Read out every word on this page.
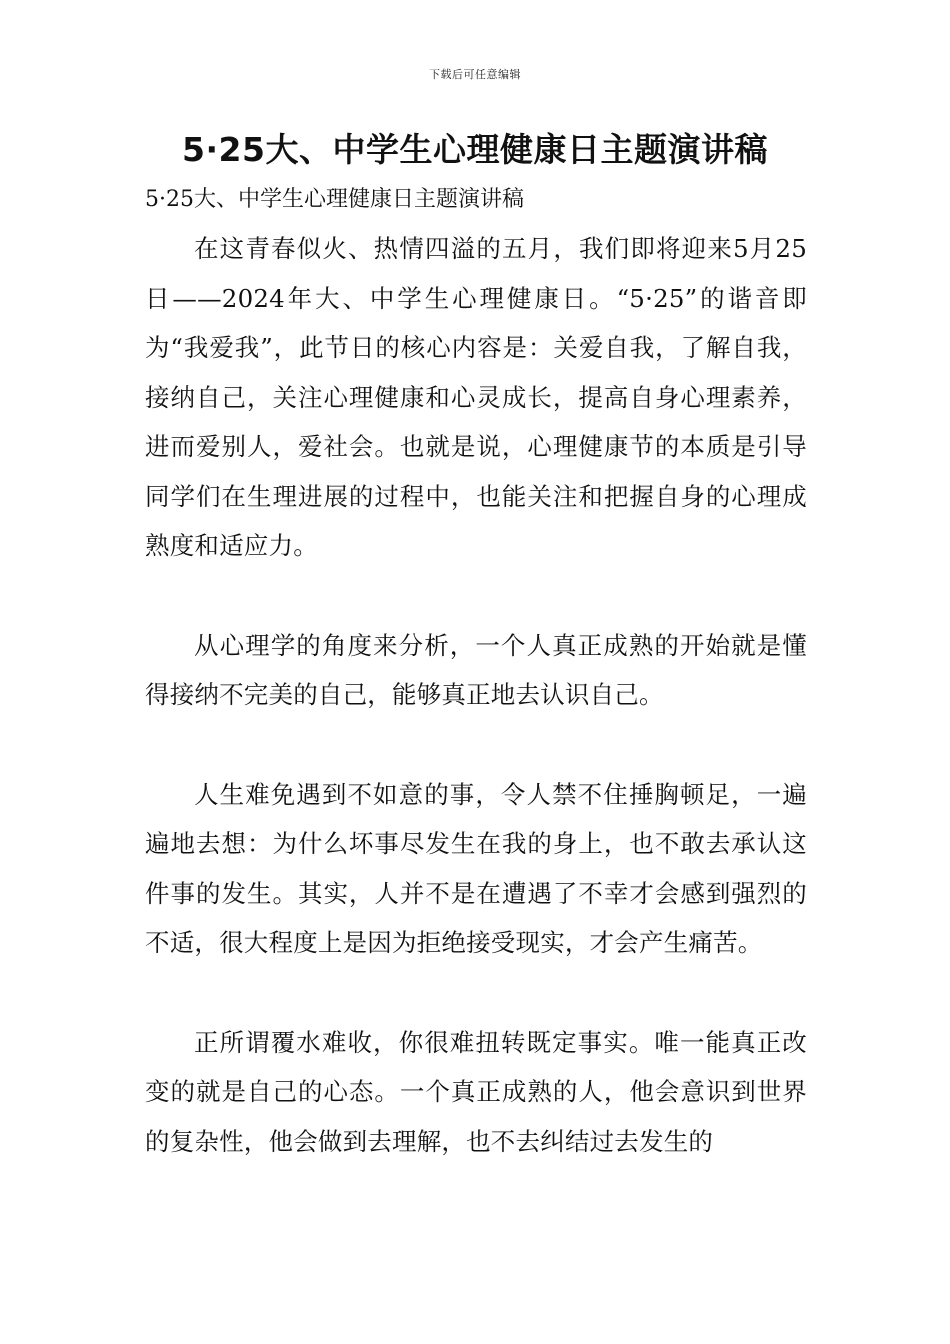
下载后可任意编辑
5·25大、中学生心理健康日主题演讲稿

5·25大、中学生心理健康日主题演讲稿

在这青春似火、热情四溢的五月，我们即将迎来5月25日——2024年大、中学生心理健康日。“5·25”的谐音即为“我爱我”，此节日的核心内容是：关爱自我，了解自我，接纳自己，关注心理健康和心灵成长，提高自身心理素养，进而爱别人，爱社会。也就是说，心理健康节的本质是引导同学们在生理进展的过程中，也能关注和把握自身的心理成熟度和适应力。

从心理学的角度来分析，一个人真正成熟的开始就是懂得接纳不完美的自己，能够真正地去认识自己。

人生难免遇到不如意的事，令人禁不住捶胸顿足，一遍遍地去想：为什么坏事尽发生在我的身上，也不敢去承认这件事的发生。其实，人并不是在遭遇了不幸才会感到强烈的不适，很大程度上是因为拒绝接受现实，才会产生痛苦。

正所谓覆水难收，你很难扭转既定事实。唯一能真正改变的就是自己的心态。一个真正成熟的人，他会意识到世界的复杂性，他会做到去理解，也不去纠结过去发生的
